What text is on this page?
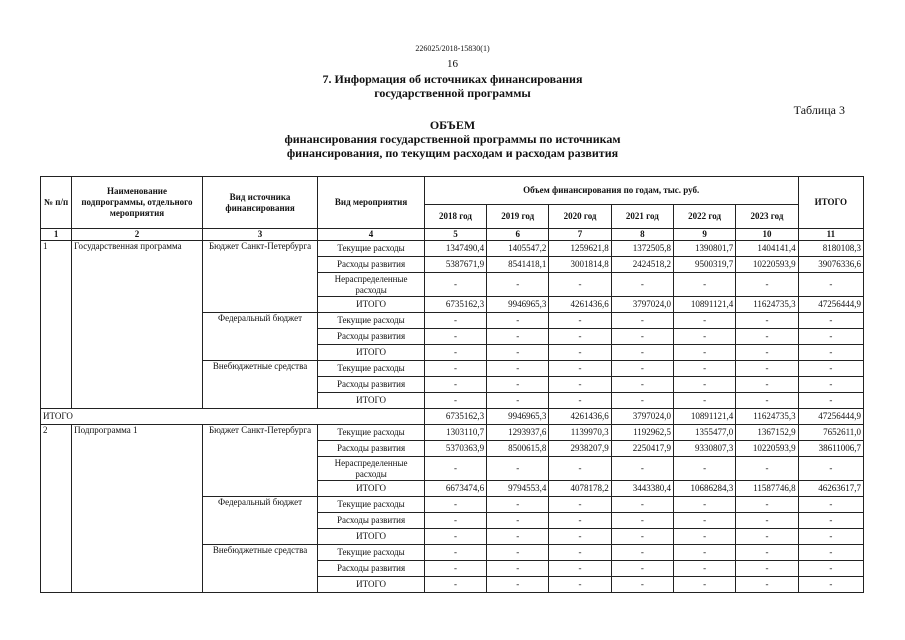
226025/2018-15830(1)
16
7. Информация об источниках финансирования
государственной программы
Таблица 3
ОБЪЕМ
финансирования государственной программы по источникам
финансирования, по текущим расходам и расходам развития
№ п/п	Наименование подпрограммы, отдельного мероприятия	Вид источника финансирования	Вид мероприятия	Объем финансирования по годам, тыс. руб.						ИТОГО
				2018 год	2019 год	2020 год	2021 год	2022 год	2023 год	
1	2	3	4	5	6	7	8	9	10	11
1	Государственная программа	Бюджет Санкт-Петербурга	Текущие расходы	1347490,4	1405547,2	1259621,8	1372505,8	1390801,7	1404141,4	8180108,3
			Расходы развития	5387671,9	8541418,1	3001814,8	2424518,2	9500319,7	10220593,9	39076336,6
			Нераспределенные расходы	-	-	-	-	-	-	-
			ИТОГО	6735162,3	9946965,3	4261436,6	3797024,0	10891121,4	11624735,3	47256444,9
		Федеральный бюджет	Текущие расходы	-	-	-	-	-	-	-
			Расходы развития	-	-	-	-	-	-	-
			ИТОГО	-	-	-	-	-	-	-
		Внебюджетные средства	Текущие расходы	-	-	-	-	-	-	-
			Расходы развития	-	-	-	-	-	-	-
			ИТОГО	-	-	-	-	-	-	-
ИТОГО				6735162,3	9946965,3	4261436,6	3797024,0	10891121,4	11624735,3	47256444,9
2	Подпрограмма 1	Бюджет Санкт-Петербурга	Текущие расходы	1303110,7	1293937,6	1139970,3	1192962,5	1355477,0	1367152,9	7652611,0
			Расходы развития	5370363,9	8500615,8	2938207,9	2250417,9	9330807,3	10220593,9	38611006,7
			Нераспределенные расходы	-	-	-	-	-	-	-
			ИТОГО	6673474,6	9794553,4	4078178,2	3443380,4	10686284,3	11587746,8	46263617,7
		Федеральный бюджет	Текущие расходы	-	-	-	-	-	-	-
			Расходы развития	-	-	-	-	-	-	-
			ИТОГО	-	-	-	-	-	-	-
		Внебюджетные средства	Текущие расходы	-	-	-	-	-	-	-
			Расходы развития	-	-	-	-	-	-	-
			ИТОГО	-	-	-	-	-	-	-
